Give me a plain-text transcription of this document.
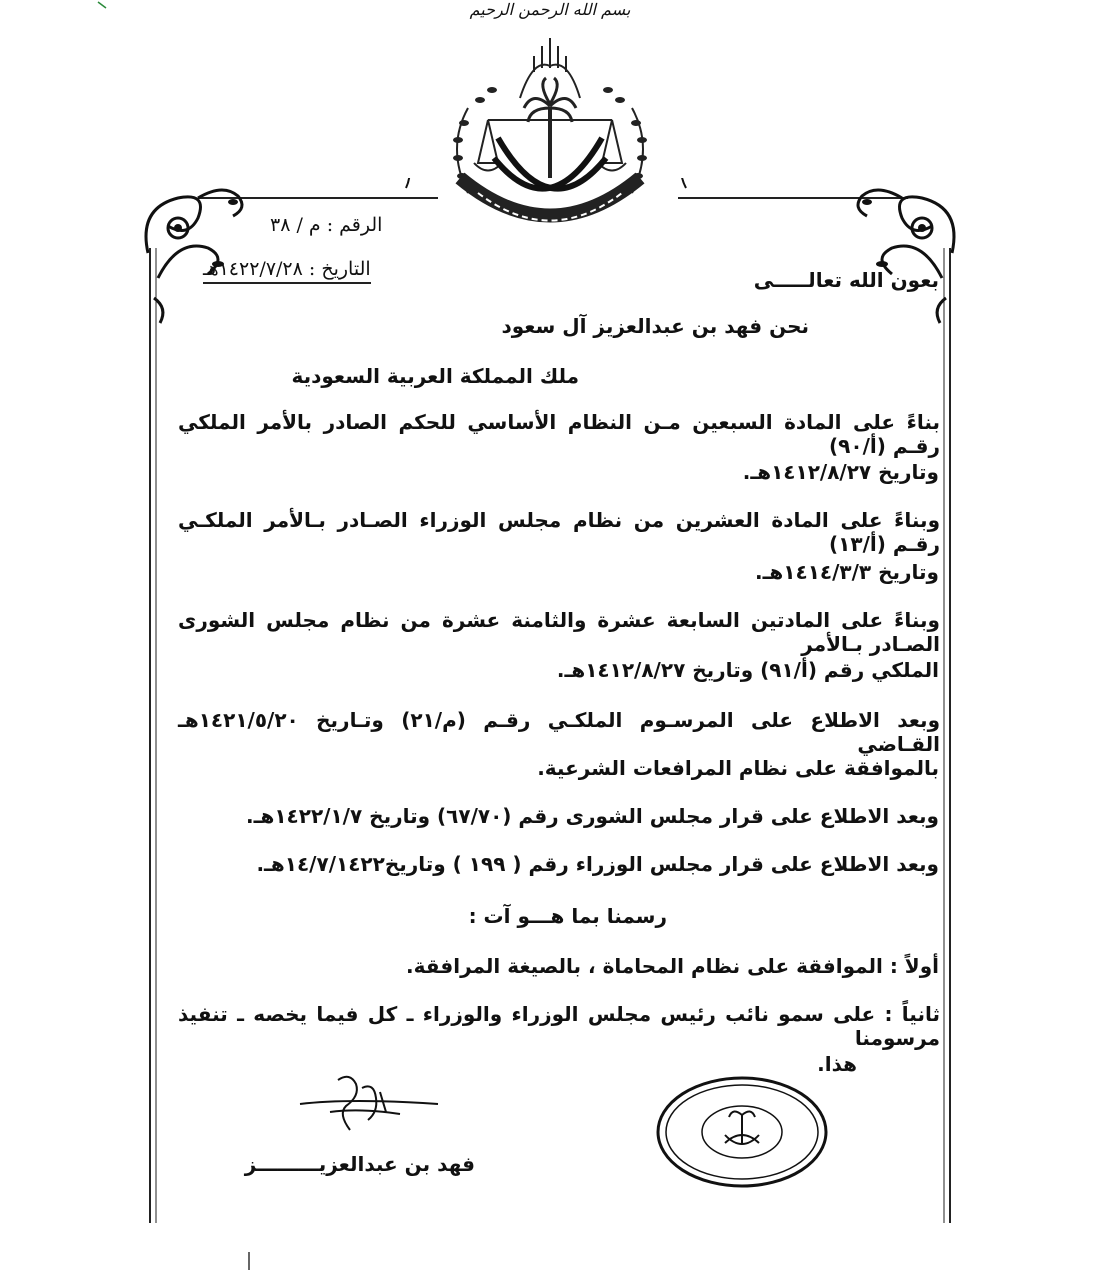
بسم الله الرحمن الرحيم
الرقم : م / ٣٨
التاريخ : ١٤٢٢/٧/٢٨هـ	بعون الله تعالـــــى
نحن فهد بن عبدالعزيز آل سعود
ملك المملكة العربية السعودية
بناءً على المادة السبعين مـن النظام الأساسي للحكم الصادر بالأمر الملكي رقـم (أ/٩٠)
وتاريخ ١٤١٢/٨/٢٧هـ.
وبناءً على المادة العشرين من نظام مجلس الوزراء الصـادر بـالأمر الملكـي رقـم (أ/١٣)
وتاريخ ١٤١٤/٣/٣هـ.
وبناءً على المادتين السابعة عشرة والثامنة عشرة من نظام مجلس الشورى الصـادر بـالأمر
الملكي رقم (أ/٩١) وتاريخ ١٤١٢/٨/٢٧هـ.
وبعد الاطلاع على المرسـوم الملكـي رقـم (م/٢١) وتـاريخ ١٤٢١/٥/٢٠هـ القـاضي
بالموافقة على نظام المرافعات الشرعية.
وبعد الاطلاع على قرار مجلس الشورى رقم (٦٧/٧٠) وتاريخ ١٤٢٢/١/٧هـ.
وبعد الاطلاع على قرار مجلس الوزراء رقم ( ١٩٩ ) وتاريخ١٤/٧/١٤٢٢هـ.
رسمنا بما هـــو آت :
أولاً : الموافقة على نظام المحاماة ، بالصيغة المرافقة.
ثانياً : على سمو نائب رئيس مجلس الوزراء والوزراء ـ كل فيما يخصه ـ تنفيذ مرسومنا
هذا.
فهد بن عبدالعزيـــــــــز
